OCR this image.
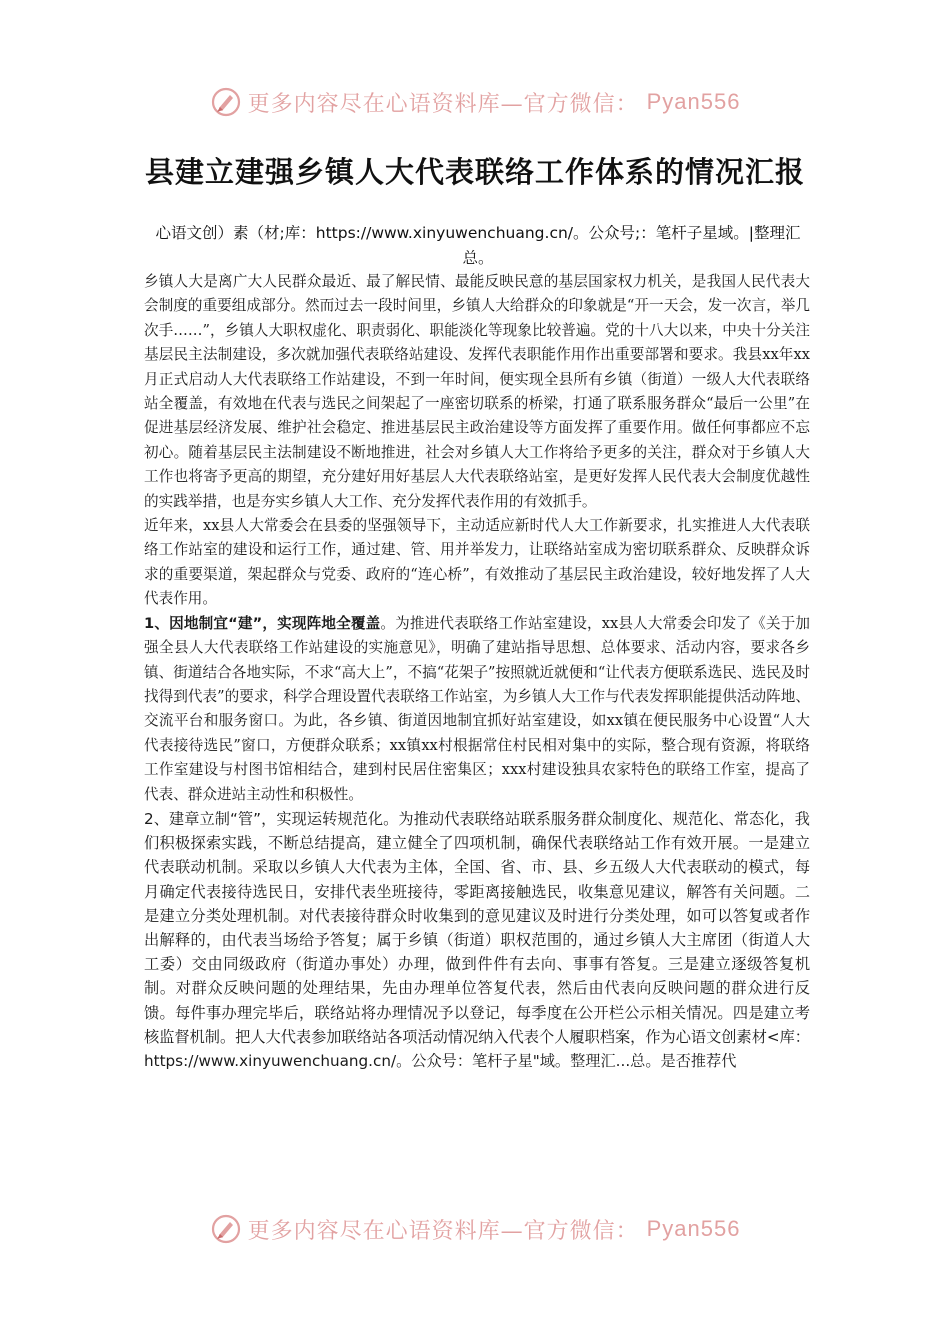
更多内容尽在心语资料库—官方微信： Pyan556
县建立建强乡镇人大代表联络工作体系的情况汇报
心语文创）素（材;库：https://www.xinyuwenchuang.cn/。公众号;：笔杆子星域。|整理汇总。

乡镇人大是离广大人民群众最近、最了解民情、最能反映民意的基层国家权力机关，是我国人民代表大会制度的重要组成部分。然而过去一段时间里，乡镇人大给群众的印象就是“开一天会，发一次言，举几次手……”，乡镇人大职权虚化、职责弱化、职能淡化等现象比较普遍。党的十八大以来，中央十分关注基层民主法制建设，多次就加强代表联络站建设、发挥代表职能作用作出重要部署和要求。我县xx年xx月正式启动人大代表联络工作站建设，不到一年时间，便实现全县所有乡镇（街道）一级人大代表联络站全覆盖，有效地在代表与选民之间架起了一座密切联系的桥梁，打通了联系服务群众“最后一公里”在促进基层经济发展、维护社会稳定、推进基层民主政治建设等方面发挥了重要作用。做任何事都应不忘初心。随着基层民主法制建设不断地推进，社会对乡镇人大工作将给予更多的关注，群众对于乡镇人大工作也将寄予更高的期望，充分建好用好基层人大代表联络站室，是更好发挥人民代表大会制度优越性的实践举措，也是夯实乡镇人大工作、充分发挥代表作用的有效抓手。

近年来，xx县人大常委会在县委的坚强领导下，主动适应新时代人大工作新要求，扎实推进人大代表联络工作站室的建设和运行工作，通过建、管、用并举发力，让联络站室成为密切联系群众、反映群众诉求的重要渠道，架起群众与党委、政府的“连心桥”，有效推动了基层民主政治建设，较好地发挥了人大代表作用。

1、因地制宜“建”，实现阵地全覆盖。为推进代表联络工作站室建设，xx县人大常委会印发了《关于加强全县人大代表联络工作站建设的实施意见》，明确了建站指导思想、总体要求、活动内容，要求各乡镇、街道结合各地实际，不求“高大上”，不搞“花架子”按照就近就便和“让代表方便联系选民、选民及时找得到代表”的要求，科学合理设置代表联络工作站室，为乡镇人大工作与代表发挥职能提供活动阵地、交流平台和服务窗口。为此，各乡镇、街道因地制宜抓好站室建设，如xx镇在便民服务中心设置“人大代表接待选民”窗口，方便群众联系；xx镇xx村根据常住村民相对集中的实际，整合现有资源，将联络工作室建设与村图书馆相结合，建到村民居住密集区；xxx村建设独具农家特色的联络工作室，提高了代表、群众进站主动性和积极性。

2、建章立制“管”，实现运转规范化。为推动代表联络站联系服务群众制度化、规范化、常态化，我们积极探索实践，不断总结提高，建立健全了四项机制，确保代表联络站工作有效开展。一是建立代表联动机制。采取以乡镇人大代表为主体，全国、省、市、县、乡五级人大代表联动的模式，每月确定代表接待选民日，安排代表坐班接待，零距离接触选民，收集意见建议，解答有关问题。二是建立分类处理机制。对代表接待群众时收集到的意见建议及时进行分类处理，如可以答复或者作出解释的，由代表当场给予答复；属于乡镇（街道）职权范围的，通过乡镇人大主席团（街道人大工委）交由同级政府（街道办事处）办理，做到件件有去向、事事有答复。三是建立逐级答复机制。对群众反映问题的处理结果，先由办理单位答复代表，然后由代表向反映问题的群众进行反馈。每件事办理完毕后，联络站将办理情况予以登记，每季度在公开栏公示相关情况。四是建立考核监督机制。把人大代表参加联络站各项活动情况纳入代表个人履职档案，作为心语文创素材<库：https://www.xinyuwenchuang.cn/。公众号：笔杆子星"域。整理汇...总。是否推荐代

更多内容尽在心语资料库—官方微信： Pyan556
